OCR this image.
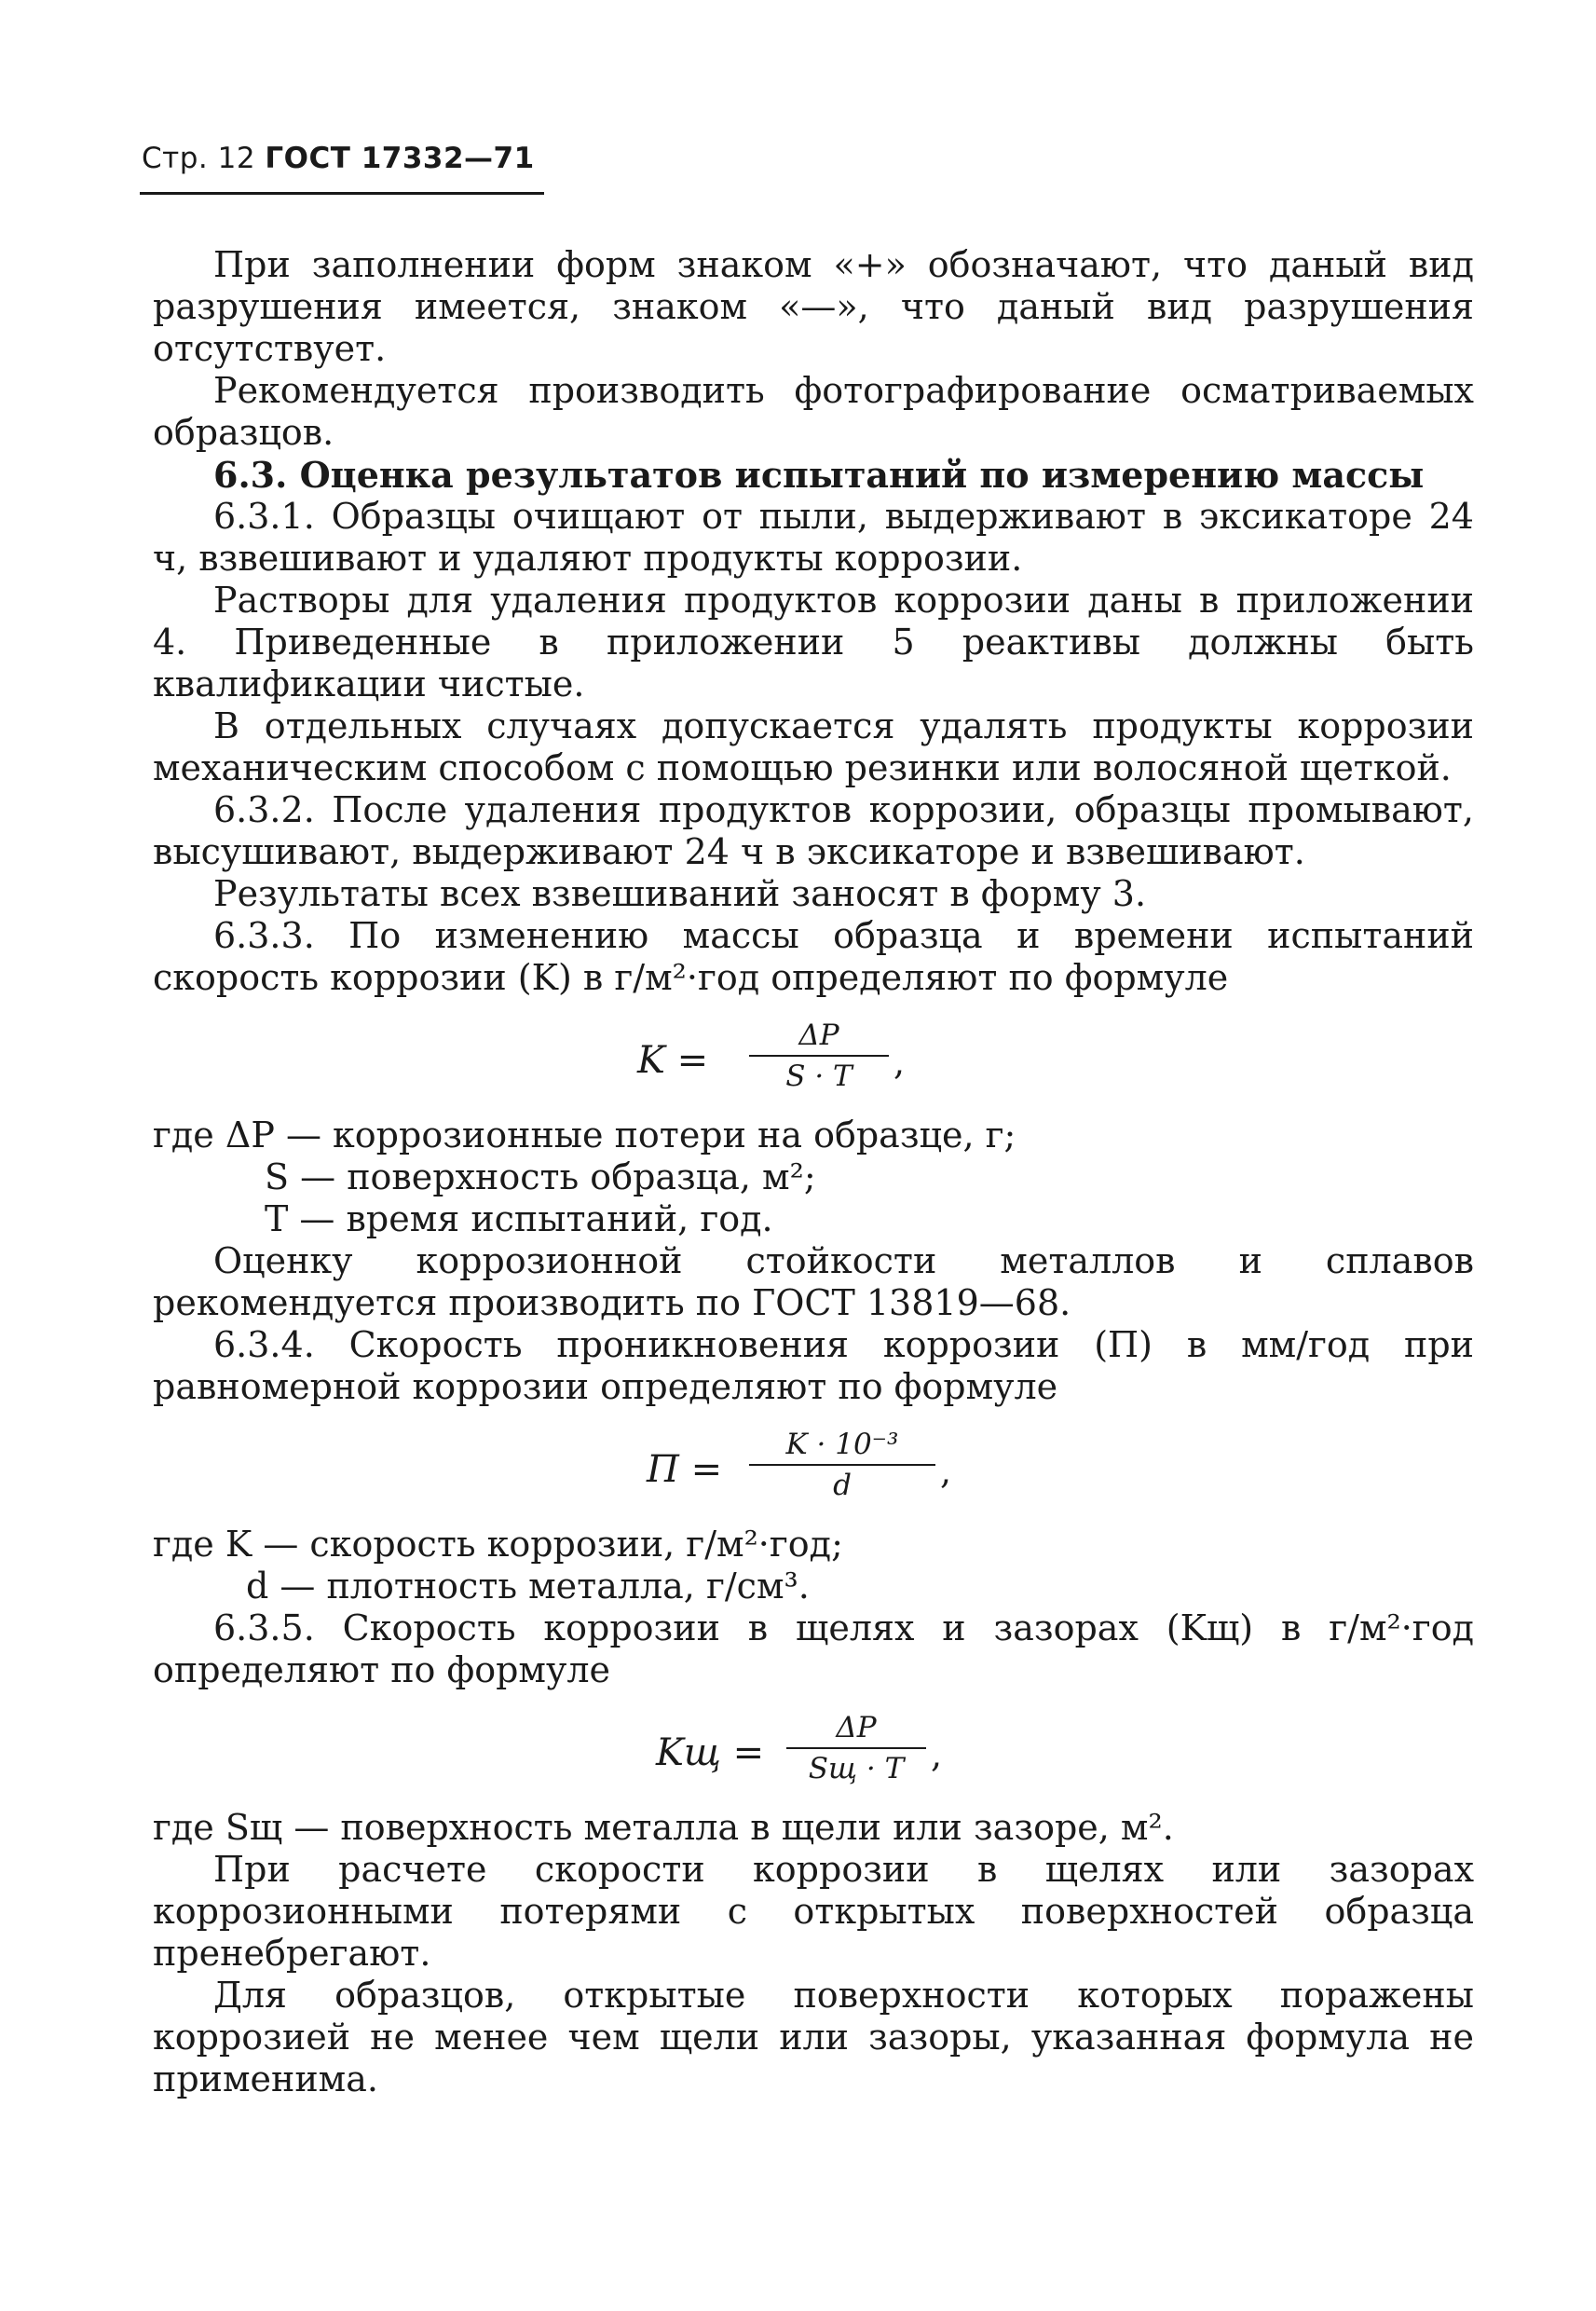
Стр. 12 ГОСТ 17332—71

При заполнении форм знаком «+» обозначают, что даный вид разрушения имеется, знаком «—», что даный вид разрушения отсутствует.

Рекомендуется производить фотографирование осматриваемых образцов.

6.3. Оценка результатов испытаний по измерению массы

6.3.1. Образцы очищают от пыли, выдерживают в эксикаторе 24 ч, взвешивают и удаляют продукты коррозии.

Растворы для удаления продуктов коррозии даны в приложении 4. Приведенные в приложении 5 реактивы должны быть квалификации чистые.

В отдельных случаях допускается удалять продукты коррозии механическим способом с помощью резинки или волосяной щеткой.

6.3.2. После удаления продуктов коррозии, образцы промывают, высушивают, выдерживают 24 ч в эксикаторе и взвешивают.

Результаты всех взвешиваний заносят в форму 3.

6.3.3. По изменению массы образца и времени испытаний скорость коррозии (K) в г/м²·год определяют по формуле

K =
ΔP
S · T	,
где ΔP — коррозионные потери на образце, г;
S — поверхность образца, м²;
T — время испытаний, год.

Оценку коррозионной стойкости металлов и сплавов рекомендуется производить по ГОСТ 13819—68.

6.3.4. Скорость проникновения коррозии (П) в мм/год при равномерной коррозии определяют по формуле

П =
K · 10⁻³
d	,
где K — скорость коррозии, г/м²·год;
d — плотность металла, г/см³.

6.3.5. Скорость коррозии в щелях и зазорах (Kщ) в г/м²·год определяют по формуле

Kщ =
ΔP
Sщ · T ,
где Sщ — поверхность металла в щели или зазоре, м².

При расчете скорости коррозии в щелях или зазорах коррозионными потерями с открытых поверхностей образца пренебрегают.

Для образцов, открытые поверхности которых поражены коррозией не менее чем щели или зазоры, указанная формула не применима.
